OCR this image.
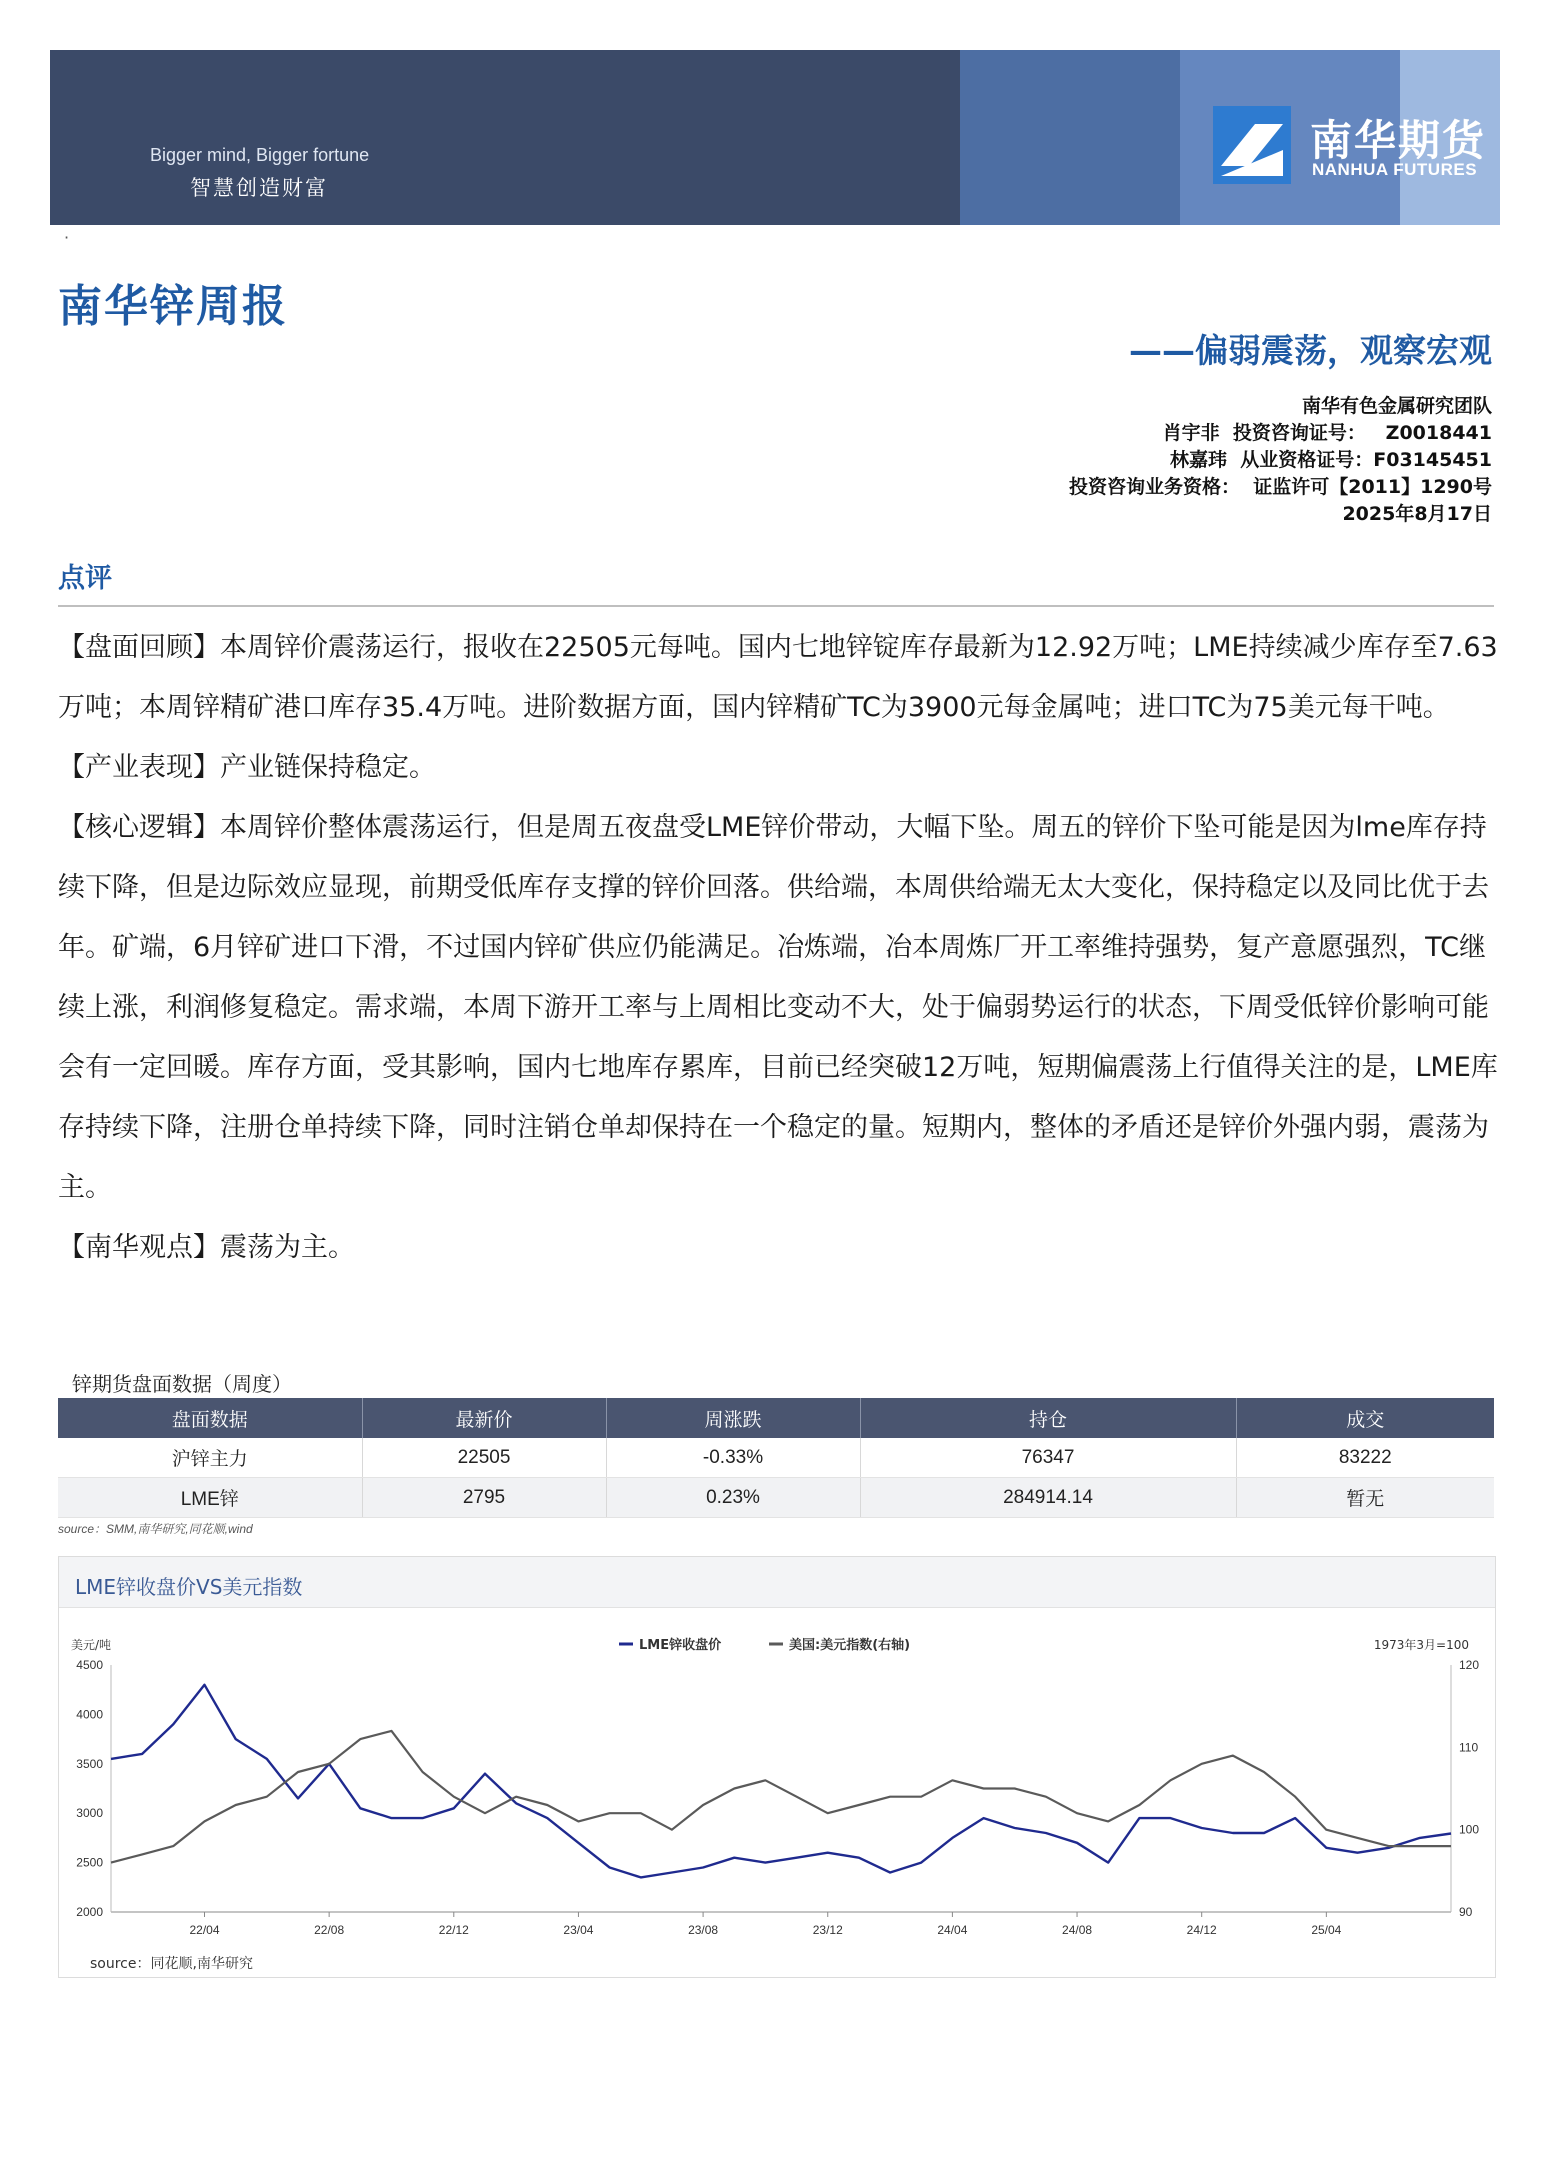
Bigger mind, Bigger fortune
智慧创造财富
南华期货
NANHUA FUTURES
·
南华锌周报
——偏弱震荡，观察宏观
南华有色金属研究团队
肖宇非  投资咨询证号：   Z0018441
林嘉玮  从业资格证号：F03145451
投资咨询业务资格：  证监许可【2011】1290号
2025年8月17日
点评

【盘面回顾】本周锌价震荡运行，报收在22505元每吨。国内七地锌锭库存最新为12.92万吨；LME持续减少库存至7.63万吨；本周锌精矿港口库存35.4万吨。进阶数据方面，国内锌精矿TC为3900元每金属吨；进口TC为75美元每干吨。

【产业表现】产业链保持稳定。

【核心逻辑】本周锌价整体震荡运行，但是周五夜盘受LME锌价带动，大幅下坠。周五的锌价下坠可能是因为lme库存持续下降，但是边际效应显现，前期受低库存支撑的锌价回落。供给端，本周供给端无太大变化，保持稳定以及同比优于去年。矿端，6月锌矿进口下滑，不过国内锌矿供应仍能满足。冶炼端，冶本周炼厂开工率维持强势，复产意愿强烈，TC继续上涨，利润修复稳定。需求端，本周下游开工率与上周相比变动不大，处于偏弱势运行的状态，下周受低锌价影响可能会有一定回暖。库存方面，受其影响，国内七地库存累库，目前已经突破12万吨，短期偏震荡上行值得关注的是，LME库存持续下降，注册仓单持续下降，同时注销仓单却保持在一个稳定的量。短期内，整体的矛盾还是锌价外强内弱，震荡为主。

【南华观点】震荡为主。

锌期货盘面数据（周度）
盘面数据	最新价	周涨跌	持仓	成交
沪锌主力	22505	-0.33%	76347	83222
LME锌	2795	0.23%	284914.14	暂无
source：SMM,南华研究,同花顺,wind
LME锌收盘价VS美元指数
4500
4000
3500
3000
2500
2000
120
110
100
90
美元/吨	1973年3月=100
22/04	22/08	22/12	23/04	23/08	23/12	24/04	24/08	24/12	25/04
LME锌收盘价	美国:美元指数(右轴)
source：同花顺,南华研究
